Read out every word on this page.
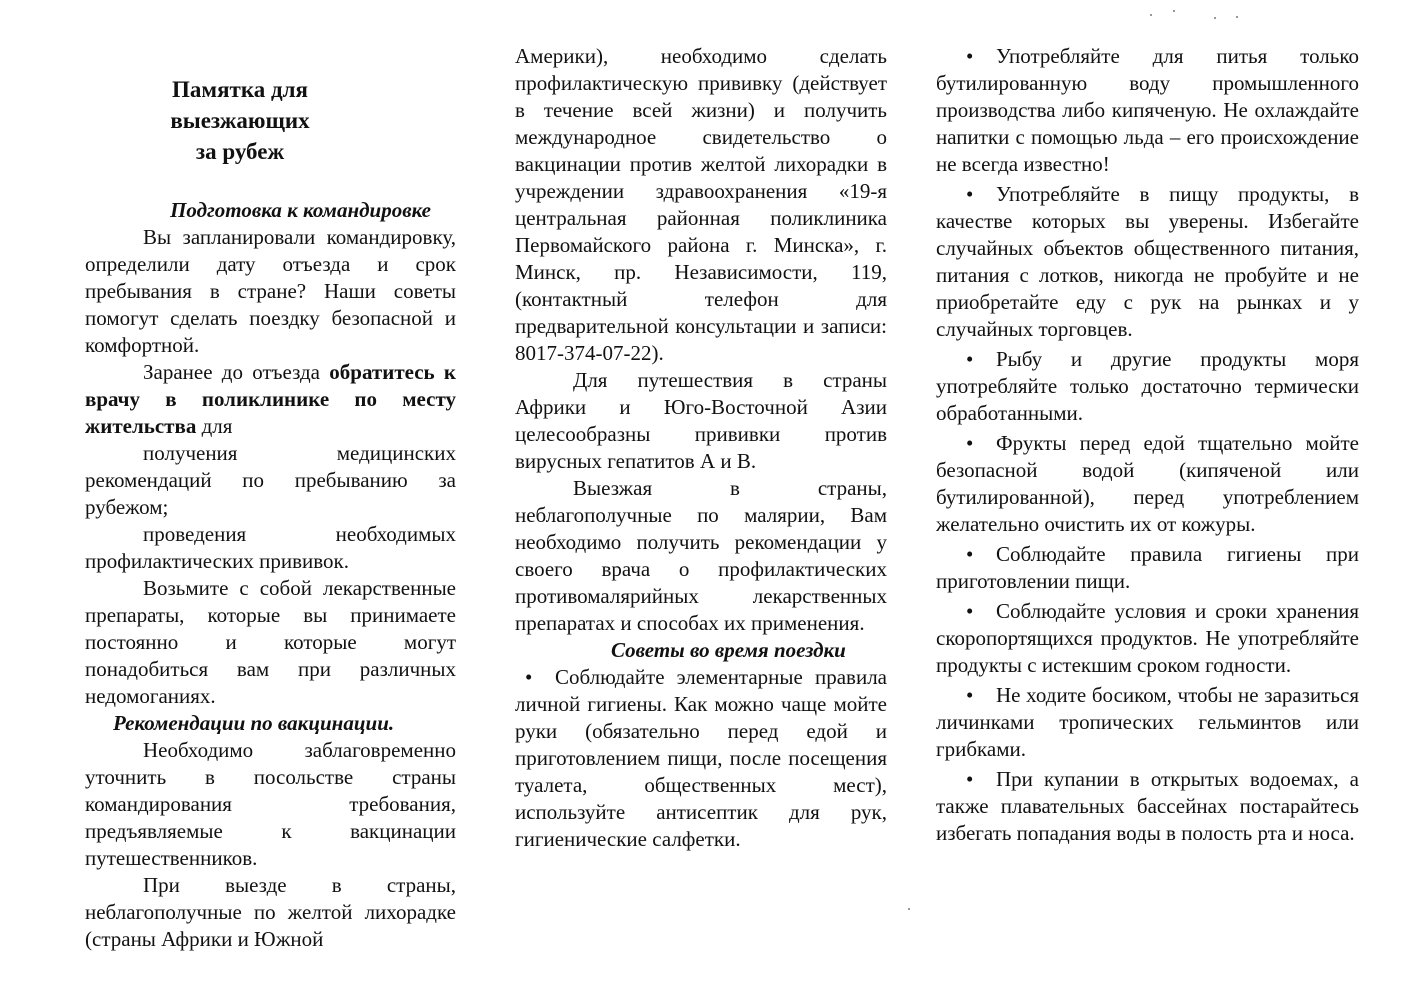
Памятка для
выезжающих
за рубеж
Подготовка к командировке

Вы запланировали командировку, определили дату отъезда и срок пребывания в стране? Наши советы помогут сделать поездку безопасной и комфортной.

Заранее до отъезда обратитесь к врачу в поликлинике по месту жительства для

получения медицинских рекомендаций по пребыванию за рубежом;

проведения необходимых профилактических прививок.

Возьмите с собой лекарственные препараты, которые вы принимаете постоянно и которые могут понадобиться вам при различных недомоганиях.

Рекомендации по вакцинации.

Необходимо заблаговременно уточнить в посольстве страны командирования требования, предъявляемые к вакцинации путешественников.

При выезде в страны, неблагополучные по желтой лихорадке (страны Африки и Южной

Америки), необходимо сделать профилактическую прививку (действует в течение всей жизни) и получить международное свидетельство о вакцинации против желтой лихорадки в учреждении здравоохранения «19-я центральная районная поликлиника Первомайского района г. Минска», г. Минск, пр. Независимости, 119, (контактный телефон для предварительной консультации и записи: 8017-374-07-22).

Для путешествия в страны Африки и Юго-Восточной Азии целесообразны прививки против вирусных гепатитов А и В.

Выезжая в страны, неблагополучные по малярии, Вам необходимо получить рекомендации у своего врача о профилактических противомалярийных лекарственных препаратах и способах их применения.

Советы во время поездки

• Соблюдайте элементарные правила личной гигиены. Как можно чаще мойте руки (обязательно перед едой и приготовлением пищи, после посещения туалета, общественных мест), используйте антисептик для рук, гигиенические салфетки.

• Употребляйте для питья только бутилированную воду промышленного производства либо кипяченую. Не охлаждайте напитки с помощью льда – его происхождение не всегда известно!

• Употребляйте в пищу продукты, в качестве которых вы уверены. Избегайте случайных объектов общественного питания, питания с лотков, никогда не пробуйте и не приобретайте еду с рук на рынках и у случайных торговцев.

• Рыбу и другие продукты моря употребляйте только достаточно термически обработанными.

• Фрукты перед едой тщательно мойте безопасной водой (кипяченой или бутилированной), перед употреблением желательно очистить их от кожуры.

• Соблюдайте правила гигиены при приготовлении пищи.

• Соблюдайте условия и сроки хранения скоропортящихся продуктов. Не употребляйте продукты с истекшим сроком годности.

• Не ходите босиком, чтобы не заразиться личинками тропических гельминтов или грибками.

• При купании в открытых водоемах, а также плавательных бассейнах постарайтесь избегать попадания воды в полость рта и носа.
